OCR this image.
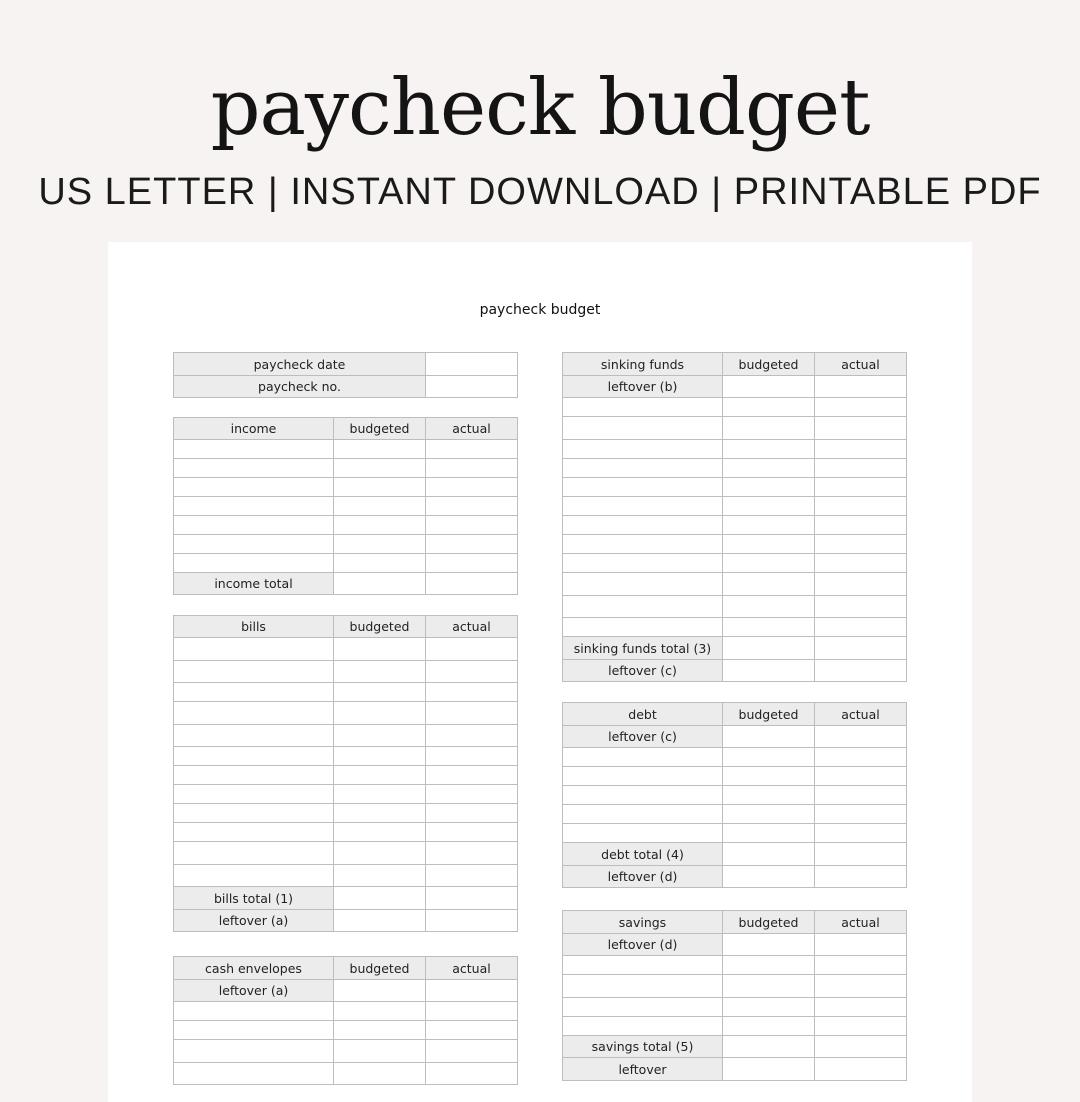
paycheck budget
US LETTER | INSTANT DOWNLOAD | PRINTABLE PDF
paycheck budget
paycheck date	
paycheck no.	
income	budgeted	actual

income total		
bills	budgeted	actual

bills total (1)		
leftover (a)		
cash envelopes	budgeted	actual
leftover (a)		

sinking funds	budgeted	actual
leftover (b)		

sinking funds total (3)		
leftover (c)		
debt	budgeted	actual
leftover (c)		

debt total (4)		
leftover (d)		
savings	budgeted	actual
leftover (d)		

savings total (5)		
leftover		
